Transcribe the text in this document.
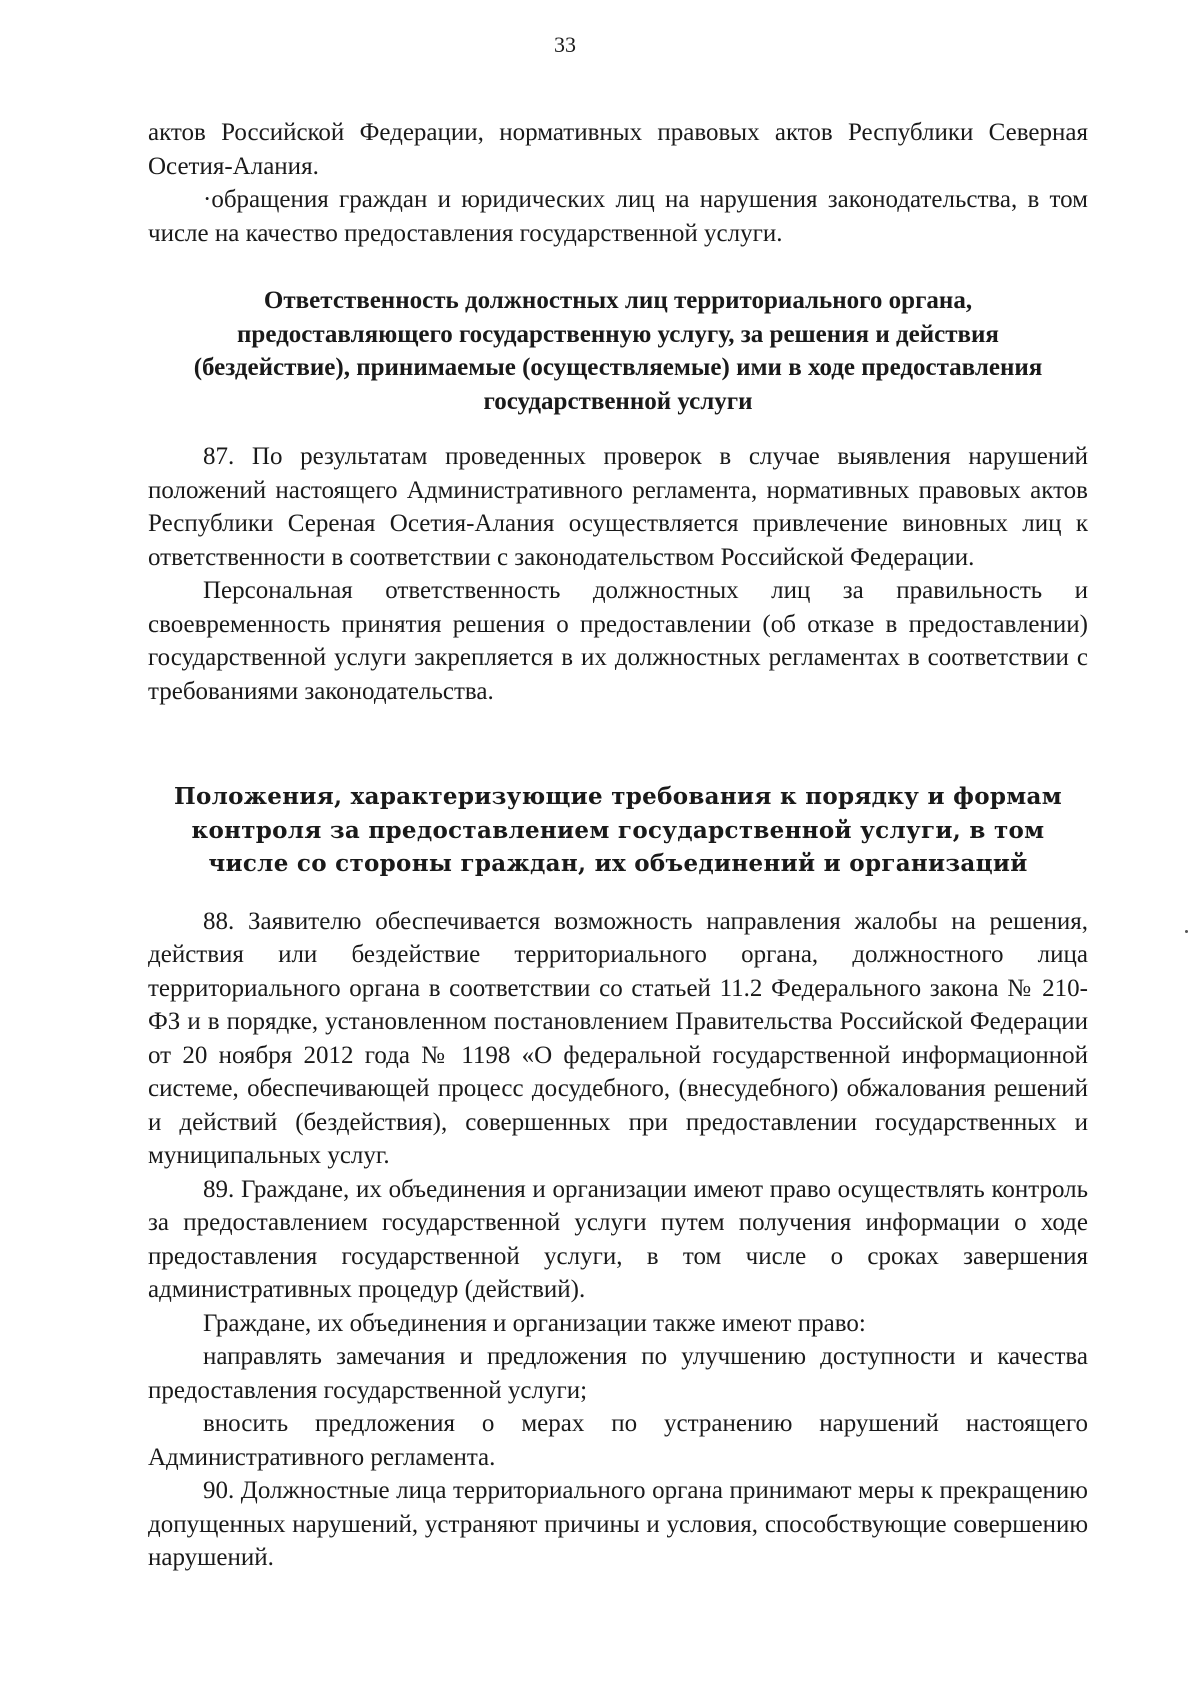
33

актов Российской Федерации, нормативных правовых актов Республики Северная Осетия-Алания.

·обращения граждан и юридических лиц на нарушения законодательства, в том числе на качество предоставления государственной услуги.

Ответственность должностных лиц территориального органа, предоставляющего государственную услугу, за решения и действия (бездействие), принимаемые (осуществляемые) ими в ходе предоставления государственной услуги

87. По результатам проведенных проверок в случае выявления нарушений положений настоящего Административного регламента, нормативных правовых актов Республики Сереная Осетия-Алания осуществляется привлечение виновных лиц к ответственности в соответствии с законодательством Российской Федерации.

Персональная ответственность должностных лиц за правильность и своевременность принятия решения о предоставлении (об отказе в предоставлении) государственной услуги закрепляется в их должностных регламентах в соответствии с требованиями законодательства.

Положения, характеризующие требования к порядку и формам контроля за предоставлением государственной услуги, в том числе со стороны граждан, их объединений и организаций

88. Заявителю обеспечивается возможность направления жалобы на решения, действия или бездействие территориального органа, должностного лица территориального органа в соответствии со статьей 11.2 Федерального закона № 210-ФЗ и в порядке, установленном постановлением Правительства Российской Федерации от 20 ноября 2012 года № 1198 «О федеральной государственной информационной системе, обеспечивающей процесс досудебного, (внесудебного) обжалования решений и действий (бездействия), совершенных при предоставлении государственных и муниципальных услуг.

89. Граждане, их объединения и организации имеют право осуществлять контроль за предоставлением государственной услуги путем получения информации о ходе предоставления государственной услуги, в том числе о сроках завершения административных процедур (действий).

Граждане, их объединения и организации также имеют право:

направлять замечания и предложения по улучшению доступности и качества предоставления государственной услуги;

вносить предложения о мерах по устранению нарушений настоящего Административного регламента.

90. Должностные лица территориального органа принимают меры к прекращению допущенных нарушений, устраняют причины и условия, способствующие совершению нарушений.
